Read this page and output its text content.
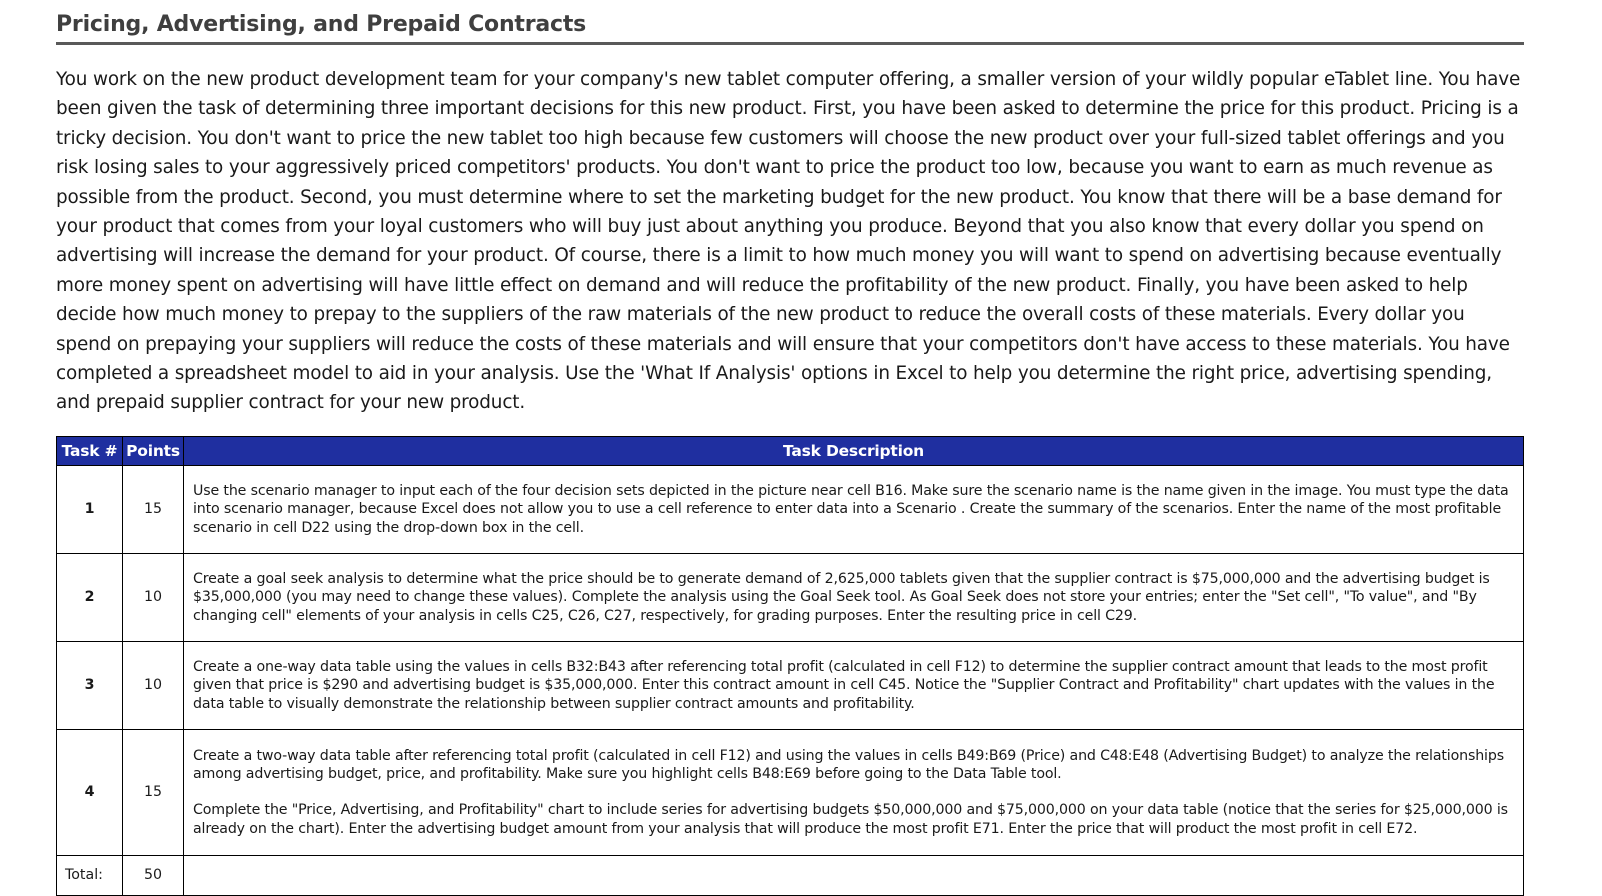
Pricing, Advertising, and Prepaid Contracts

You work on the new product development team for your company's new tablet computer offering, a smaller version of your wildly popular eTablet line. You have been given the task of determining three important decisions for this new product. First, you have been asked to determine the price for this product. Pricing is a tricky decision. You don't want to price the new tablet too high because few customers will choose the new product over your full-sized tablet offerings and you risk losing sales to your aggressively priced competitors' products. You don't want to price the product too low, because you want to earn as much revenue as possible from the product. Second, you must determine where to set the marketing budget for the new product. You know that there will be a base demand for your product that comes from your loyal customers who will buy just about anything you produce. Beyond that you also know that every dollar you spend on advertising will increase the demand for your product. Of course, there is a limit to how much money you will want to spend on advertising because eventually more money spent on advertising will have little effect on demand and will reduce the profitability of the new product. Finally, you have been asked to help decide how much money to prepay to the suppliers of the raw materials of the new product to reduce the overall costs of these materials. Every dollar you spend on prepaying your suppliers will reduce the costs of these materials and will ensure that your competitors don't have access to these materials. You have completed a spreadsheet model to aid in your analysis. Use the 'What If Analysis' options in Excel to help you determine the right price, advertising spending, and prepaid supplier contract for your new product.

Task #	Points	Task Description
1	15	Use the scenario manager to input each of the four decision sets depicted in the picture near cell B16. Make sure the scenario name is the name given in the image. You must type the data into scenario manager, because Excel does not allow you to use a cell reference to enter data into a Scenario . Create the summary of the scenarios. Enter the name of the most profitable scenario in cell D22 using the drop-down box in the cell.

2	10	Create a goal seek analysis to determine what the price should be to generate demand of 2,625,000 tablets given that the supplier contract is $75,000,000 and the advertising budget is $35,000,000 (you may need to change these values). Complete the analysis using the Goal Seek tool. As Goal Seek does not store your entries; enter the "Set cell", "To value", and "By changing cell" elements of your analysis in cells C25, C26, C27, respectively, for grading purposes. Enter the resulting price in cell C29.

3	10	Create a one-way data table using the values in cells B32:B43 after referencing total profit (calculated in cell F12) to determine the supplier contract amount that leads to the most profit given that price is $290 and advertising budget is $35,000,000. Enter this contract amount in cell C45. Notice the "Supplier Contract and Profitability" chart updates with the values in the data table to visually demonstrate the relationship between supplier contract amounts and profitability.

4	15	Create a two-way data table after referencing total profit (calculated in cell F12) and using the values in cells B49:B69 (Price) and C48:E48 (Advertising Budget) to analyze the relationships among advertising budget, price, and profitability. Make sure you highlight cells B48:E69 before going to the Data Table tool.

Complete the "Price, Advertising, and Profitability" chart to include series for advertising budgets $50,000,000 and $75,000,000 on your data table (notice that the series for $25,000,000 is already on the chart). Enter the advertising budget amount from your analysis that will produce the most profit E71. Enter the price that will product the most profit in cell E72.

Total:	50	
